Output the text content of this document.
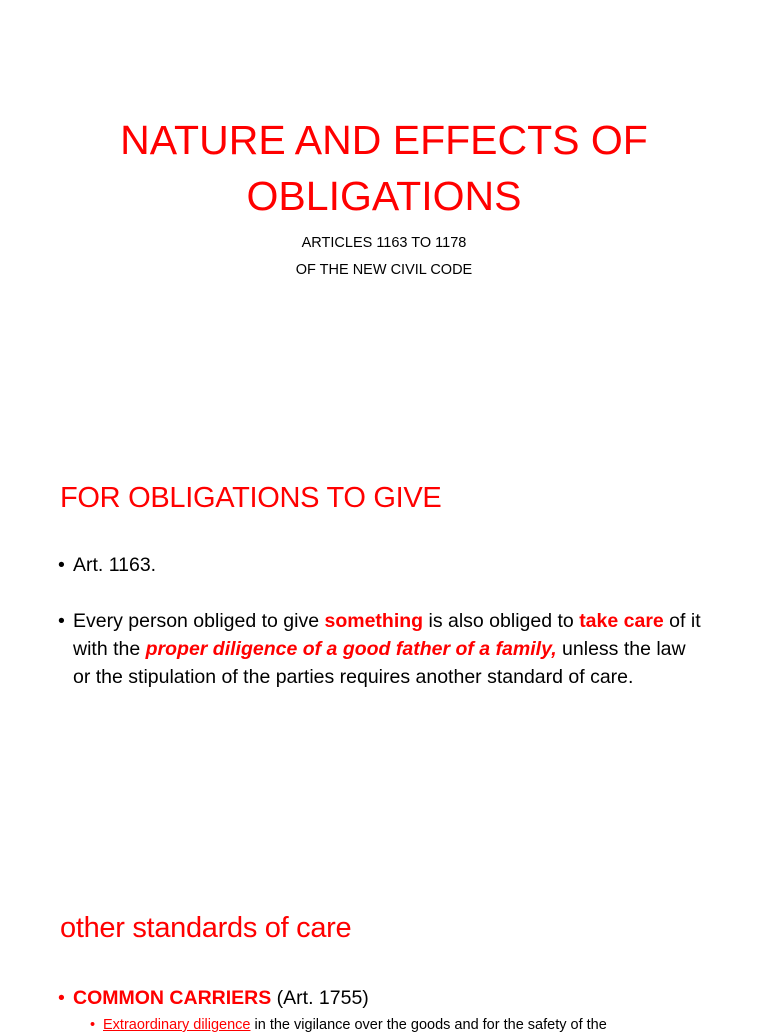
NATURE AND EFFECTS OF
OBLIGATIONS
ARTICLES 1163 TO 1178
OF THE NEW CIVIL CODE
FOR OBLIGATIONS TO GIVE
• Art. 1163.
• Every person obliged to give something is also obliged to take care of it with the proper diligence of a good father of a family, unless the law or the stipulation of the parties requires another standard of care.
other standards of care
• COMMON CARRIERS (Art. 1755)
• Extraordinary diligence in the vigilance over the goods and for the safety of the
